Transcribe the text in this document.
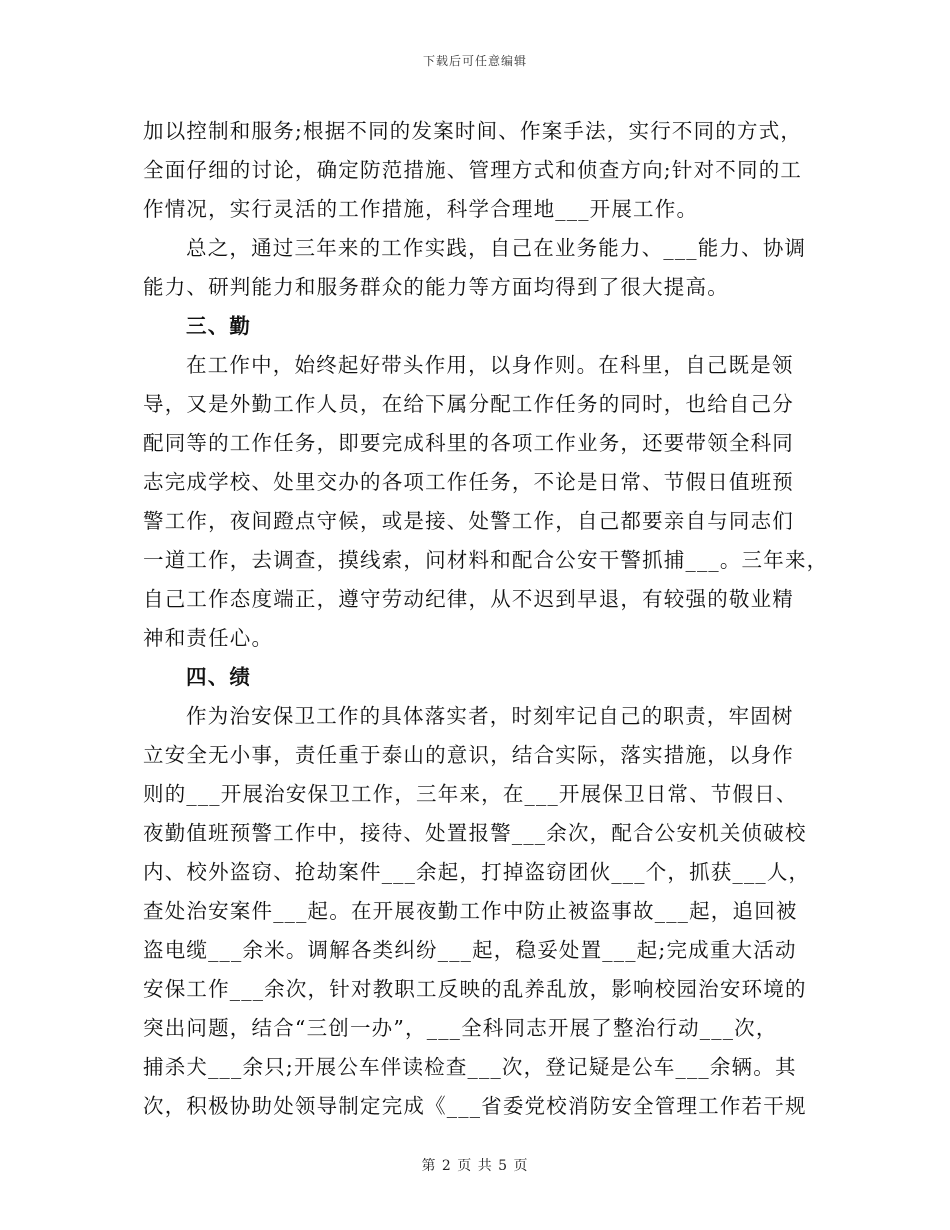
下载后可任意编辑
加以控制和服务;根据不同的发案时间、作案手法，实行不同的方式，
全面仔细的讨论，确定防范措施、管理方式和侦查方向;针对不同的工
作情况，实行灵活的工作措施，科学合理地___开展工作。
总之，通过三年来的工作实践，自己在业务能力、___能力、协调
能力、研判能力和服务群众的能力等方面均得到了很大提高。
三、勤
在工作中，始终起好带头作用，以身作则。在科里，自己既是领
导，又是外勤工作人员，在给下属分配工作任务的同时，也给自己分
配同等的工作任务，即要完成科里的各项工作业务，还要带领全科同
志完成学校、处里交办的各项工作任务，不论是日常、节假日值班预
警工作，夜间蹬点守候，或是接、处警工作，自己都要亲自与同志们
一道工作，去调查，摸线索，问材料和配合公安干警抓捕___。三年来，
自己工作态度端正，遵守劳动纪律，从不迟到早退，有较强的敬业精
神和责任心。
四、绩
作为治安保卫工作的具体落实者，时刻牢记自己的职责，牢固树
立安全无小事，责任重于泰山的意识，结合实际，落实措施，以身作
则的___开展治安保卫工作，三年来，在___开展保卫日常、节假日、
夜勤值班预警工作中，接待、处置报警___余次，配合公安机关侦破校
内、校外盗窃、抢劫案件___余起，打掉盗窃团伙___个，抓获___人，
查处治安案件___起。在开展夜勤工作中防止被盗事故___起，追回被
盗电缆___余米。调解各类纠纷___起，稳妥处置___起;完成重大活动
安保工作___余次，针对教职工反映的乱养乱放，影响校园治安环境的
突出问题，结合“三创一办”，___全科同志开展了整治行动___次，
捕杀犬___余只;开展公车伴读检查___次，登记疑是公车___余辆。其
次，积极协助处领导制定完成《___省委党校消防安全管理工作若干规
第 2 页 共 5 页
